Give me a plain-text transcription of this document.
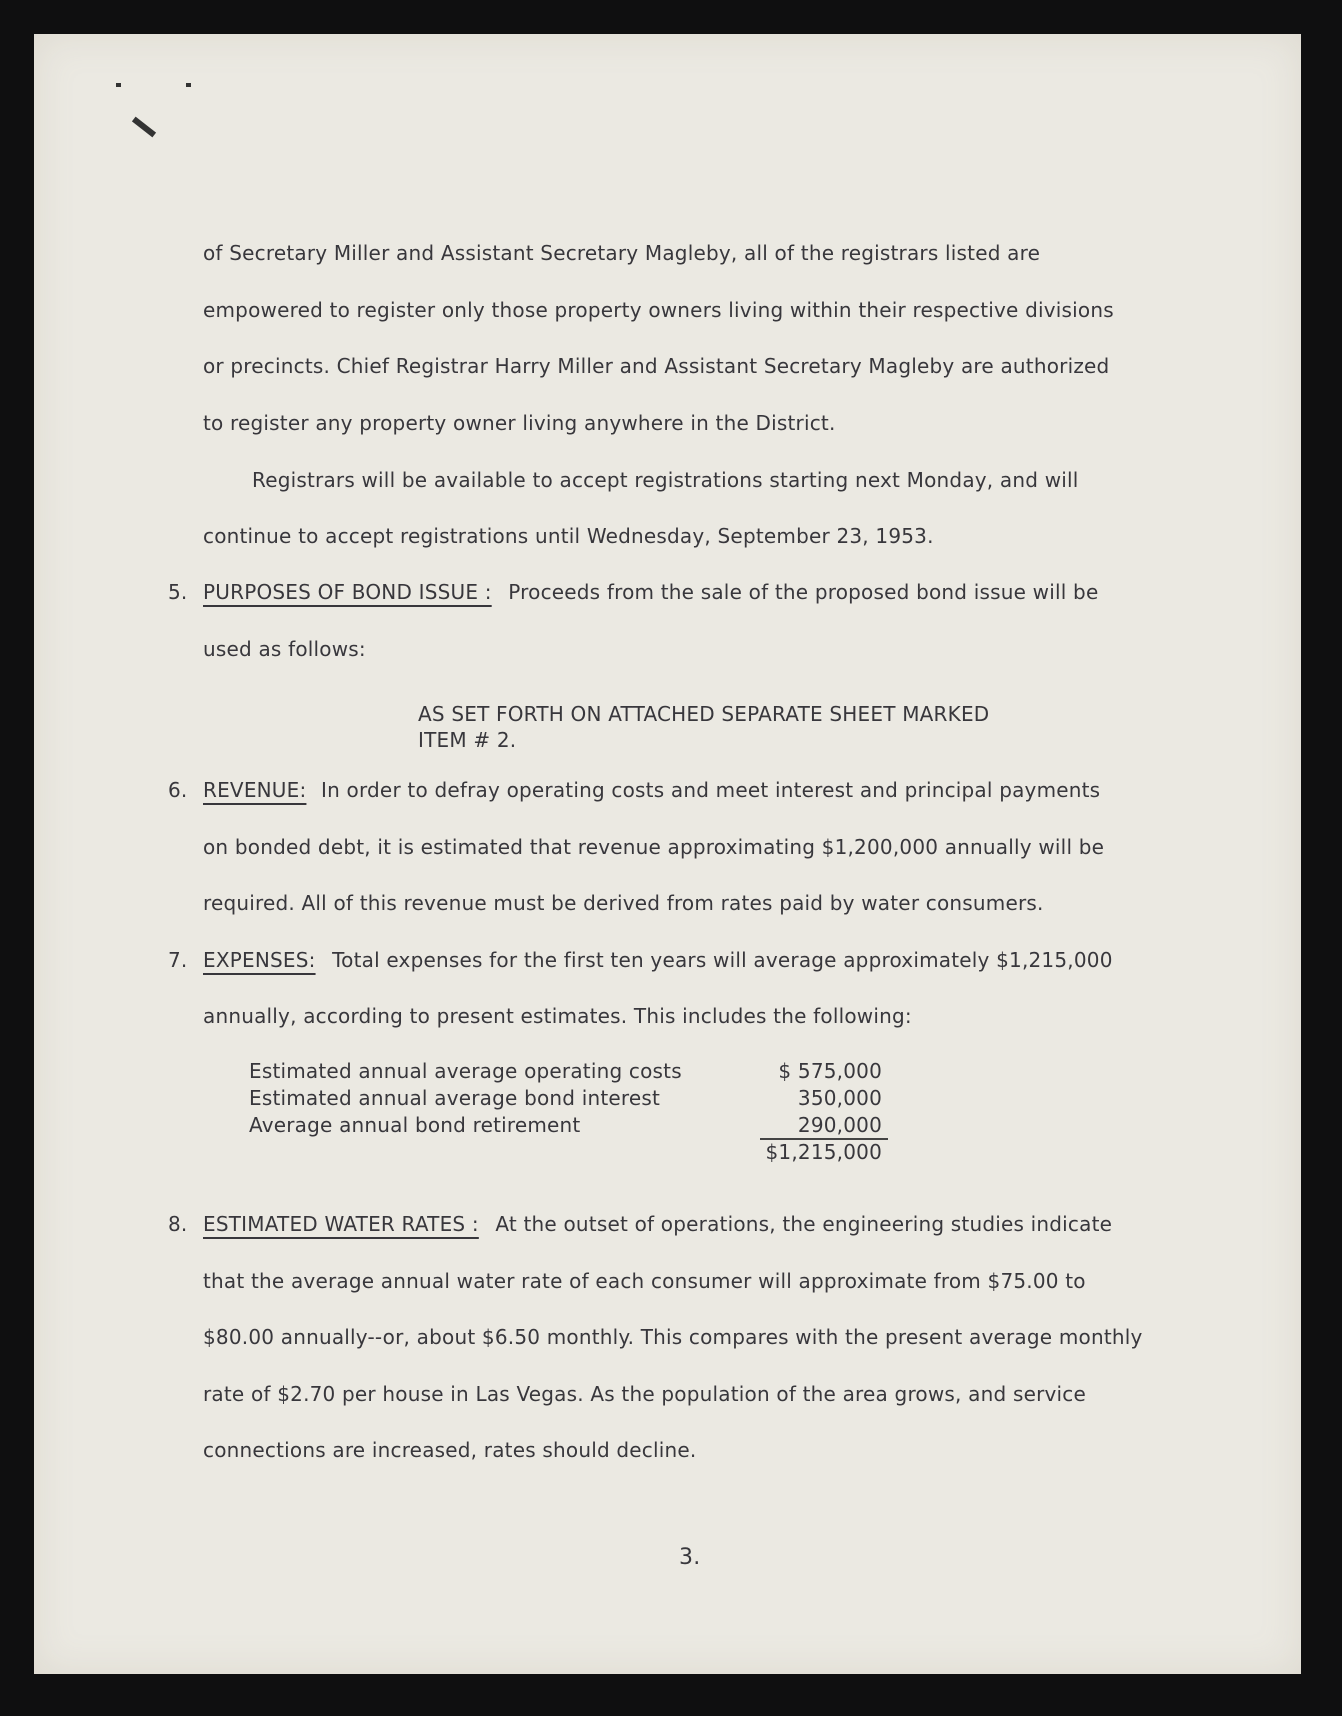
of Secretary Miller and Assistant Secretary Magleby, all of the registrars listed are
empowered to register only those property owners living within their respective divisions
or precincts. Chief Registrar Harry Miller and Assistant Secretary Magleby are authorized
to register any property owner living anywhere in the District.
Registrars will be available to accept registrations starting next Monday, and will
continue to accept registrations until Wednesday, September 23, 1953.
5. PURPOSES OF BOND ISSUE : Proceeds from the sale of the proposed bond issue will be
used as follows:
AS SET FORTH ON ATTACHED SEPARATE SHEET MARKED
ITEM # 2.
6. REVENUE: In order to defray operating costs and meet interest and principal payments
on bonded debt, it is estimated that revenue approximating $1,200,000 annually will be
required. All of this revenue must be derived from rates paid by water consumers.
7. EXPENSES: Total expenses for the first ten years will average approximately $1,215,000
annually, according to present estimates. This includes the following:
Estimated annual average operating costs	$ 575,000
Estimated annual average bond interest	350,000
Average annual bond retirement	290,000
$1,215,000
8. ESTIMATED WATER RATES : At the outset of operations, the engineering studies indicate
that the average annual water rate of each consumer will approximate from $75.00 to
$80.00 annually--or, about $6.50 monthly. This compares with the present average monthly
rate of $2.70 per house in Las Vegas. As the population of the area grows, and service
connections are increased, rates should decline.
3.
